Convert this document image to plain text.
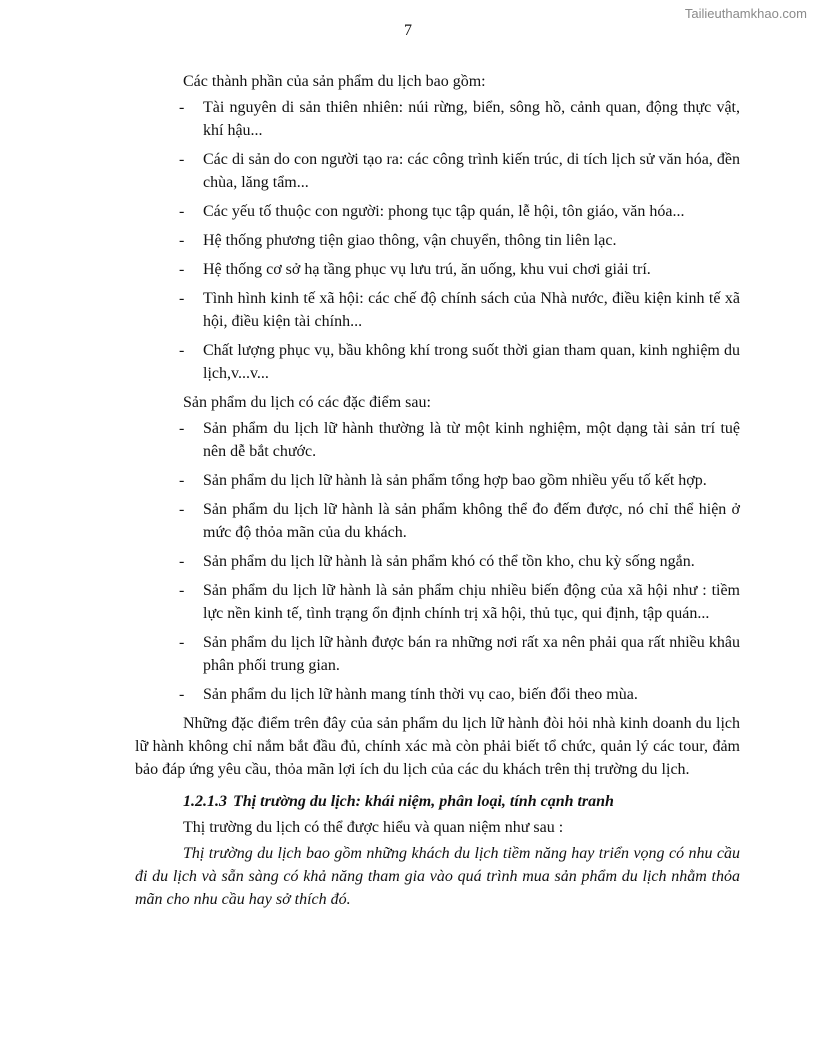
Tailieuthamkhao.com
7

Các thành phần của sản phẩm du lịch bao gồm:

- Tài nguyên di sản thiên nhiên: núi rừng, biển, sông hồ, cảnh quan, động thực vật, khí hậu...
- Các di sản do con người tạo ra: các công trình kiến trúc, di tích lịch sử văn hóa, đền chùa, lăng tẩm...
- Các yếu tố thuộc con người: phong tục tập quán, lễ hội, tôn giáo, văn hóa...
- Hệ thống phương tiện giao thông, vận chuyển, thông tin liên lạc.
- Hệ thống cơ sở hạ tầng phục vụ lưu trú, ăn uống, khu vui chơi giải trí.
- Tình hình kinh tế xã hội: các chế độ chính sách của Nhà nước, điều kiện kinh tế xã hội, điều kiện tài chính...
- Chất lượng phục vụ, bầu không khí trong suốt thời gian tham quan, kinh nghiệm du lịch,v...v...

Sản phẩm du lịch có các đặc điểm sau:

- Sản phẩm du lịch lữ hành thường là từ một kinh nghiệm, một dạng tài sản trí tuệ nên dễ bắt chước.
- Sản phẩm du lịch lữ hành là sản phẩm tổng hợp bao gồm nhiều yếu tố kết hợp.
- Sản phẩm du lịch lữ hành là sản phẩm không thể đo đếm được, nó chỉ thể hiện ở mức độ thỏa mãn của du khách.
- Sản phẩm du lịch lữ hành là sản phẩm khó có thể tồn kho, chu kỳ sống ngắn.
- Sản phẩm du lịch lữ hành là sản phẩm chịu nhiều biến động của xã hội như : tiềm lực nền kinh tế, tình trạng ổn định chính trị xã hội, thủ tục, qui định, tập quán...
- Sản phẩm du lịch lữ hành được bán ra những nơi rất xa nên phải qua rất nhiều khâu phân phối trung gian.
- Sản phẩm du lịch lữ hành mang tính thời vụ cao, biến đổi theo mùa.

Những đặc điểm trên đây của sản phẩm du lịch lữ hành đòi hỏi nhà kinh doanh du lịch lữ hành không chỉ nắm bắt đầu đủ, chính xác mà còn phải biết tổ chức, quản lý các tour, đảm bảo đáp ứng yêu cầu, thỏa mãn lợi ích du lịch của các du khách trên thị trường du lịch.

1.2.1.3 Thị trường du lịch: khái niệm, phân loại, tính cạnh tranh

Thị trường du lịch có thể được hiểu và quan niệm như sau :

Thị trường du lịch bao gồm những khách du lịch tiềm năng hay triển vọng có nhu cầu đi du lịch và sẵn sàng có khả năng tham gia vào quá trình mua sản phẩm du lịch nhằm thỏa mãn cho nhu cầu hay sở thích đó.
